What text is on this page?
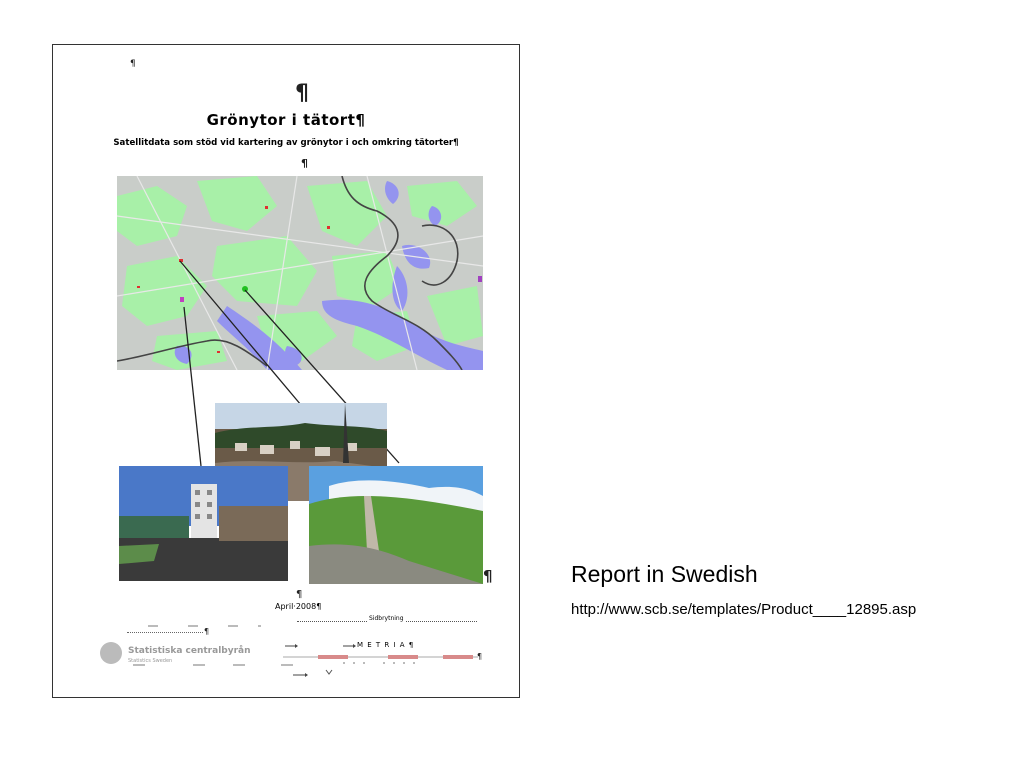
¶
¶
Grönytor i tätort¶
Satellitdata som stöd vid kartering av grönytor i och omkring tätorter¶
¶
¶
¶
April·2008¶
Sidbrytning
¶
Statistiska centralbyrån
Statistics Sweden
M E T R I A ¶
¶
Report in Swedish
http://www.scb.se/templates/Product____12895.asp
